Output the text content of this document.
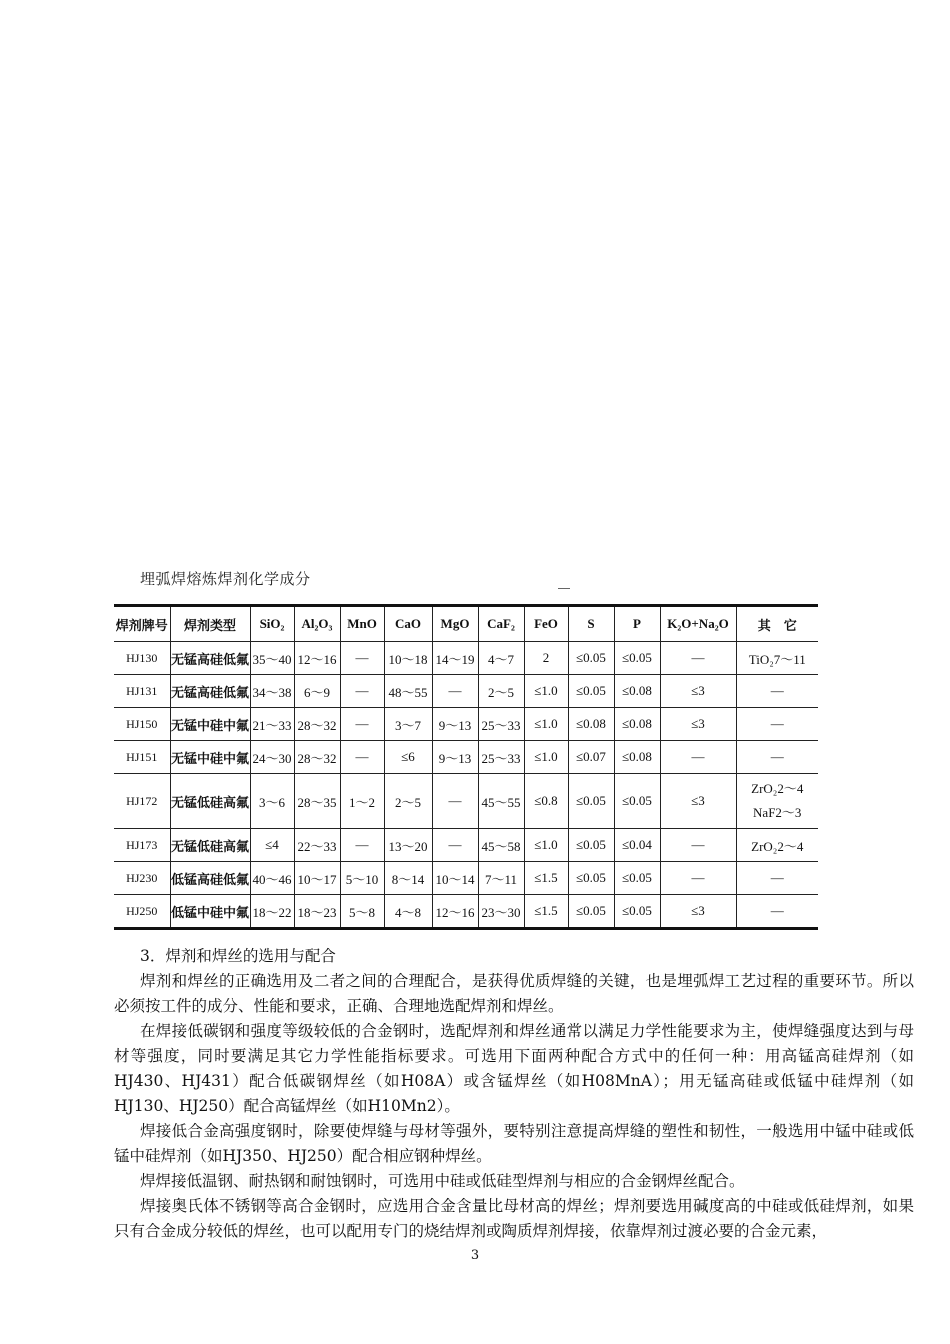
埋弧焊熔炼焊剂化学成分
焊剂牌号	焊剂类型	SiO₂	Al₂O₃	MnO	CaO	MgO	CaF₂	FeO	S	P	K₂O+Na₂O	其　它
HJ130	无锰高硅低氟	35～40	12～16	—	10～18	14～19	4～7	2	≤0.05	≤0.05	—	TiO₂7～11
HJ131	无锰高硅低氟	34～38	6～9	—	48～55	—	2～5	≤1.0	≤0.05	≤0.08	≤3	—
HJ150	无锰中硅中氟	21～33	28～32	—	3～7	9～13	25～33	≤1.0	≤0.08	≤0.08	≤3	—
HJ151	无锰中硅中氟	24～30	28～32	—	≤6	9～13	25～33	≤1.0	≤0.07	≤0.08	—	—
HJ172	无锰低硅高氟	3～6	28～35	1～2	2～5	—	45～55	≤0.8	≤0.05	≤0.05	≤3	ZrO₂2～4
NaF2～3

HJ173	无锰低硅高氟	≤4	22～33	—	13～20	—	45～58	≤1.0	≤0.05	≤0.04	—	ZrO₂2～4
HJ230	低锰高硅低氟	40～46	10～17	5～10	8～14	10～14	7～11	≤1.5	≤0.05	≤0.05	—	—
HJ250	低锰中硅中氟	18～22	18～23	5～8	4～8	12～16	23～30	≤1.5	≤0.05	≤0.05	≤3	—

3．焊剂和焊丝的选用与配合

焊剂和焊丝的正确选用及二者之间的合理配合，是获得优质焊缝的关键，也是埋弧焊工艺过程的重要环节。所以必须按工件的成分、性能和要求，正确、合理地选配焊剂和焊丝。

在焊接低碳钢和强度等级较低的合金钢时，选配焊剂和焊丝通常以满足力学性能要求为主，使焊缝强度达到与母材等强度，同时要满足其它力学性能指标要求。可选用下面两种配合方式中的任何一种：用高锰高硅焊剂（如HJ430、HJ431）配合低碳钢焊丝（如H08A）或含锰焊丝（如H08MnA）；用无锰高硅或低锰中硅焊剂（如HJ130、HJ250）配合高锰焊丝（如H10Mn2）。

焊接低合金高强度钢时，除要使焊缝与母材等强外，要特别注意提高焊缝的塑性和韧性，一般选用中锰中硅或低锰中硅焊剂（如HJ350、HJ250）配合相应钢种焊丝。

焊焊接低温钢、耐热钢和耐蚀钢时，可选用中硅或低硅型焊剂与相应的合金钢焊丝配合。

焊接奥氏体不锈钢等高合金钢时，应选用合金含量比母材高的焊丝；焊剂要选用碱度高的中硅或低硅焊剂，如果只有合金成分较低的焊丝，也可以配用专门的烧结焊剂或陶质焊剂焊接，依靠焊剂过渡必要的合金元素，

3
